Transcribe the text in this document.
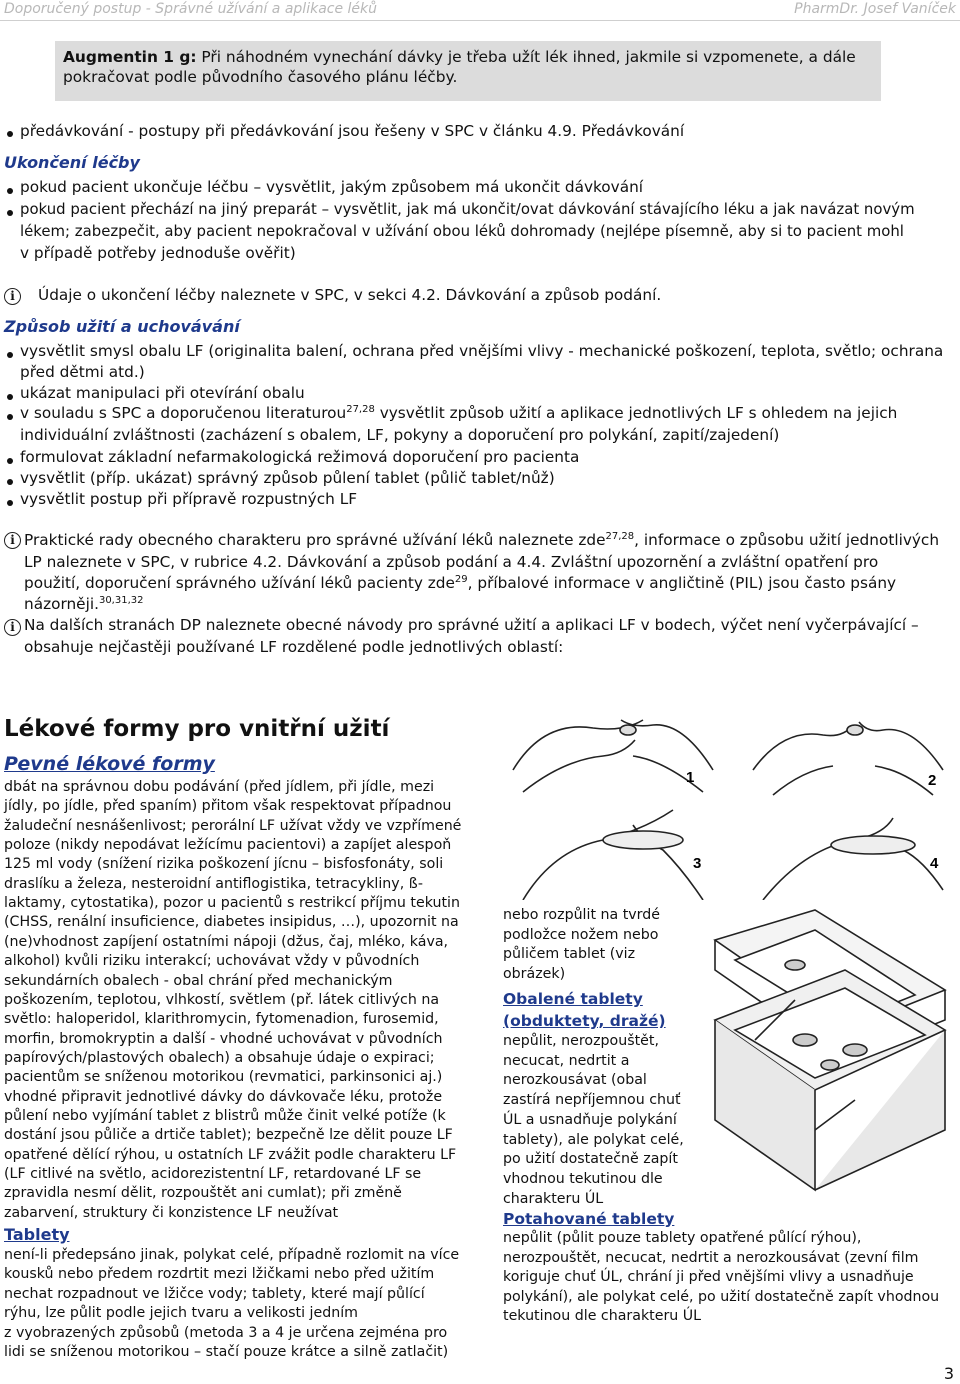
Doporučený postup - Správné užívání a aplikace léků	PharmDr. Josef Vaníček
Augmentin 1 g: Při náhodném vynechání dávky je třeba užít lék ihned, jakmile si vzpomenete, a dále
pokračovat podle původního časového plánu léčby.
předávkování - postupy při předávkování jsou řešeny v SPC v článku 4.9. Předávkování
Ukončení léčby
pokud pacient ukončuje léčbu – vysvětlit, jakým způsobem má ukončit dávkování
pokud pacient přechází na jiný preparát – vysvětlit, jak má ukončit/ovat dávkování stávajícího léku a jak navázat novým
lékem; zabezpečit, aby pacient nepokračoval v užívání obou léků dohromady (nejlépe písemně, aby si to pacient mohl
v případě potřeby jednoduše ověřit)
i	Údaje o ukončení léčby naleznete v SPC, v sekci 4.2. Dávkování a způsob podání.
Způsob užití a uchovávání
vysvětlit smysl obalu LF (originalita balení, ochrana před vnějšími vlivy - mechanické poškození, teplota, světlo; ochrana
před dětmi atd.)
ukázat manipulaci při otevírání obalu
v souladu s SPC a doporučenou literaturou$^{27,28}$ vysvětlit způsob užití a aplikace jednotlivých LF s ohledem na jejich
individuální zvláštnosti (zacházení s obalem, LF, pokyny a doporučení pro polykání, zapití/zajedení)
formulovat základní nefarmakologická režimová doporučení pro pacienta
vysvětlit (příp. ukázat) správný způsob půlení tablet (půlič tablet/nůž)
vysvětlit postup při přípravě rozpustných LF
i Praktické rady obecného charakteru pro správné užívání léků naleznete zde$^{27,28}$, informace o způsobu užití jednotlivých
LP naleznete v SPC, v rubrice 4.2. Dávkování a způsob podání a 4.4. Zvláštní upozornění a zvláštní opatření pro
použití, doporučení správného užívání léků pacienty zde$^{29}$, příbalové informace v angličtině (PIL) jsou často psány
názorněji.$^{30,31,32}$
i Na dalších stranách DP naleznete obecné návody pro správné užití a aplikaci LF v bodech, výčet není vyčerpávající –
obsahuje nejčastěji používané LF rozdělené podle jednotlivých oblastí:
Lékové formy pro vnitřní užití
Pevné lékové formy
dbát na správnou dobu podávání (před jídlem, při jídle, mezi
jídly, po jídle, před spaním) přitom však respektovat případnou
žaludeční nesnášenlivost; perorální LF užívat vždy ve vzpřímené
poloze (nikdy nepodávat ležícímu pacientovi) a zapíjet alespoň
125 ml vody (snížení rizika poškození jícnu – bisfosfonáty, soli
draslíku a železa, nesteroidní antiflogistika, tetracykliny, ß-
laktamy, cytostatika), pozor u pacientů s restrikcí příjmu tekutin
(CHSS, renální insuficience, diabetes insipidus, …), upozornit na
(ne)vhodnost zapíjení ostatními nápoji (džus, čaj, mléko, káva,
alkohol) kvůli riziku interakcí; uchovávat vždy v původních
sekundárních obalech - obal chrání před mechanickým
poškozením, teplotou, vlhkostí, světlem (př. látek citlivých na
světlo: haloperidol, klarithromycin, fytomenadion, furosemid,
morfin, bromokryptin a další - vhodné uchovávat v původních
papírových/plastových obalech) a obsahuje údaje o expiraci;
pacientům se sníženou motorikou (revmatici, parkinsonici aj.)
vhodné připravit jednotlivé dávky do dávkovače léku, protože
půlení nebo vyjímání tablet z blistrů může činit velké potíže (k
dostání jsou půliče a drtiče tablet); bezpečně lze dělit pouze LF
opatřené dělící rýhou, u ostatních LF zvážit podle charakteru LF
(LF citlivé na světlo, acidorezistentní LF, retardované LF se
zpravidla nesmí dělit, rozpouštět ani cumlat); při změně
zabarvení, struktury či konzistence LF neužívat
Tablety
není-li předepsáno jinak, polykat celé, případně rozlomit na více
kousků nebo předem rozdrtit mezi lžičkami nebo před užitím
nechat rozpadnout ve lžičce vody; tablety, které mají půlící
rýhu, lze půlit podle jejich tvaru a velikosti jedním
z vyobrazených způsobů (metoda 3 a 4 je určena zejména pro
lidi se sníženou motorikou – stačí pouze krátce a silně zatlačit)
1	2
3	4
nebo rozpůlit na tvrdé
podložce nožem nebo
půličem tablet (viz
obrázek)
Obalené tablety
(obduktety, dražé)
nepůlit, nerozpouštět,
necucat, nedrtit a
nerozkousávat (obal
zastírá nepříjemnou chuť
ÚL a usnadňuje polykání
tablety), ale polykat celé,
po užití dostatečně zapít
vhodnou tekutinou dle
charakteru ÚL
Potahované tablety
nepůlit (půlit pouze tablety opatřené půlící rýhou),
nerozpouštět, necucat, nedrtit a nerozkousávat (zevní film
koriguje chuť ÚL, chrání ji před vnějšími vlivy a usnadňuje
polykání), ale polykat celé, po užití dostatečně zapít vhodnou
tekutinou dle charakteru ÚL
3
